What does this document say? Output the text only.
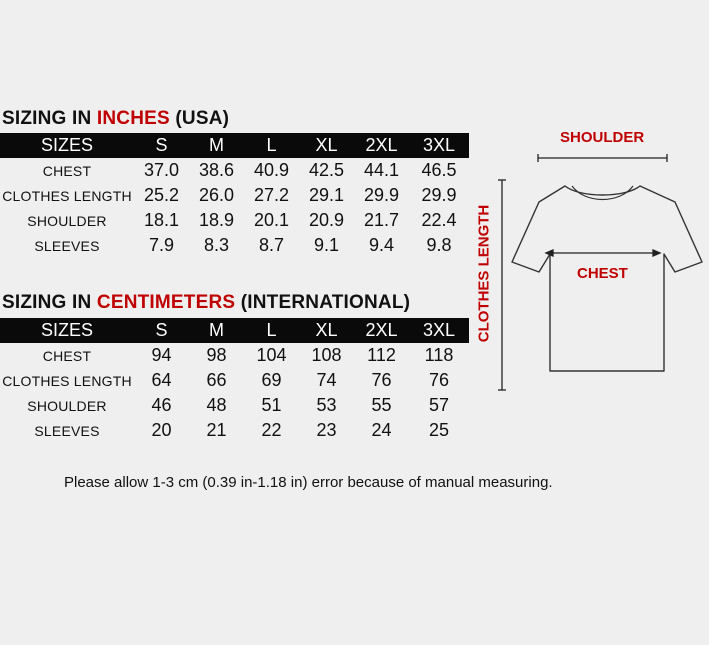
SIZING IN INCHES (USA)
SIZES	S	M	L	XL	2XL	3XL
CHEST	37.0	38.6	40.9	42.5	44.1	46.5
CLOTHES LENGTH	25.2	26.0	27.2	29.1	29.9	29.9
SHOULDER	18.1	18.9	20.1	20.9	21.7	22.4
SLEEVES	7.9	8.3	8.7	9.1	9.4	9.8
SIZING IN CENTIMETERS (INTERNATIONAL)
SIZES	S	M	L	XL	2XL	3XL
CHEST	94	98	104	108	112	118
CLOTHES LENGTH	64	66	69	74	76	76
SHOULDER	46	48	51	53	55	57
SLEEVES	20	21	22	23	24	25
SHOULDER
CHEST
CLOTHES LENGTH
Please allow 1-3 cm (0.39 in-1.18 in) error because of manual measuring.
